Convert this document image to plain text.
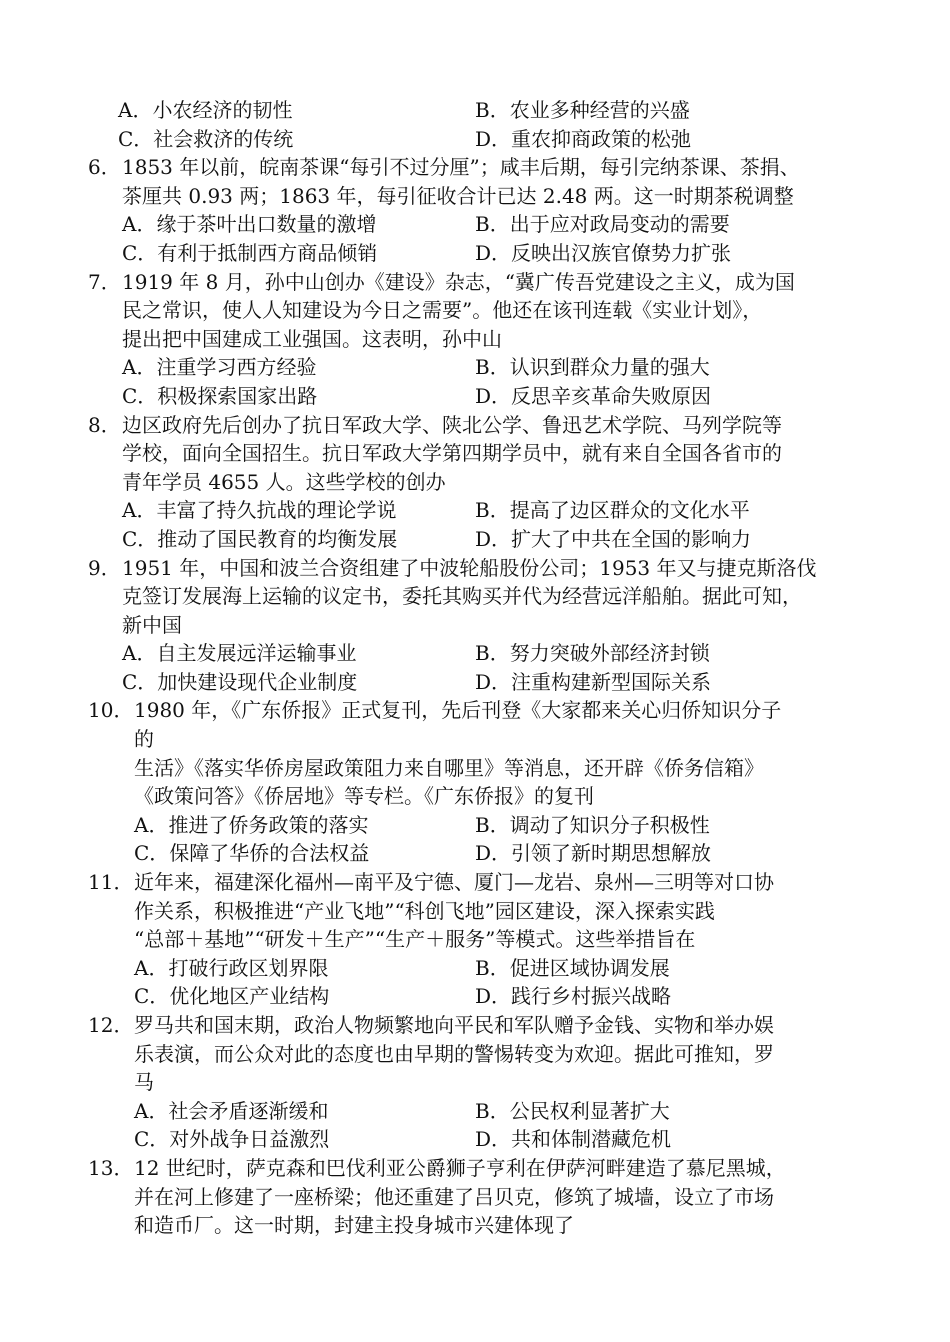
A．小农经济的韧性	B．农业多种经营的兴盛
C．社会救济的传统	D．重农抑商政策的松弛
6． 1853 年以前，皖南茶课“每引不过分厘”；咸丰后期，每引完纳茶课、茶捐、
茶厘共 0.93 两；1863 年，每引征收合计已达 2.48 两。这一时期茶税调整
A．缘于茶叶出口数量的激增	B．出于应对政局变动的需要
C．有利于抵制西方商品倾销	D．反映出汉族官僚势力扩张
7． 1919 年 8 月，孙中山创办《建设》杂志，“冀广传吾党建设之主义，成为国
民之常识，使人人知建设为今日之需要”。他还在该刊连载《实业计划》，
提出把中国建成工业强国。这表明，孙中山
A．注重学习西方经验	B．认识到群众力量的强大
C．积极探索国家出路	D．反思辛亥革命失败原因
8． 边区政府先后创办了抗日军政大学、陕北公学、鲁迅艺术学院、马列学院等
学校，面向全国招生。抗日军政大学第四期学员中，就有来自全国各省市的
青年学员 4655 人。这些学校的创办
A．丰富了持久抗战的理论学说	B．提高了边区群众的文化水平
C．推动了国民教育的均衡发展	D．扩大了中共在全国的影响力
9． 1951 年，中国和波兰合资组建了中波轮船股份公司；1953 年又与捷克斯洛伐
克签订发展海上运输的议定书，委托其购买并代为经营远洋船舶。据此可知，
新中国
A．自主发展远洋运输事业	B．努力突破外部经济封锁
C．加快建设现代企业制度	D．注重构建新型国际关系
10． 1980 年，《广东侨报》正式复刊，先后刊登《大家都来关心归侨知识分子
的
生活》《落实华侨房屋政策阻力来自哪里》等消息，还开辟《侨务信箱》
《政策问答》《侨居地》等专栏。《广东侨报》的复刊
A．推进了侨务政策的落实	B．调动了知识分子积极性
C．保障了华侨的合法权益	D．引领了新时期思想解放
11． 近年来，福建深化福州—南平及宁德、厦门—龙岩、泉州—三明等对口协
作关系，积极推进“产业飞地”“科创飞地”园区建设，深入探索实践
“总部＋基地”“研发＋生产”“生产＋服务”等模式。这些举措旨在
A．打破行政区划界限	B．促进区域协调发展
C．优化地区产业结构	D．践行乡村振兴战略
12． 罗马共和国末期，政治人物频繁地向平民和军队赠予金钱、实物和举办娱
乐表演，而公众对此的态度也由早期的警惕转变为欢迎。据此可推知，罗
马
A．社会矛盾逐渐缓和	B．公民权利显著扩大
C．对外战争日益激烈	D．共和体制潜藏危机
13． 12 世纪时，萨克森和巴伐利亚公爵狮子亨利在伊萨河畔建造了慕尼黑城，
并在河上修建了一座桥梁；他还重建了吕贝克，修筑了城墙，设立了市场
和造币厂。这一时期，封建主投身城市兴建体现了
